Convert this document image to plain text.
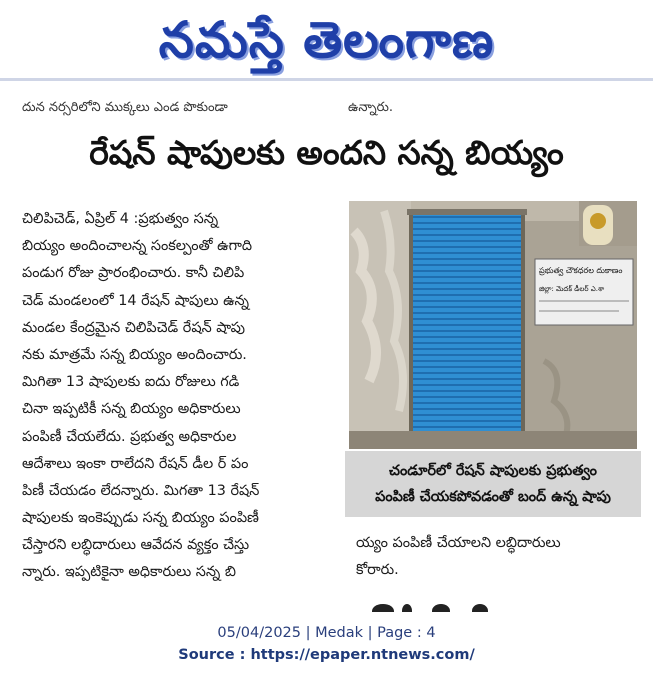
నమస్తే తెలంగాణ
దున నర్సరిలోని ముక్కలు ఎండ పొకుండా	ఉన్నారు.
రేషన్ షాపులకు అందని సన్న బియ్యం
చిలిపిచెడ్, ఏప్రిల్ 4 :ప్రభుత్వం సన్న
బియ్యం అందించాలన్న సంకల్పంతో ఉగాది
పండుగ రోజు ప్రారంభించారు. కానీ చిలిపి
చెడ్ మండలంలో 14 రేషన్ షాపులు ఉన్న
మండల కేంద్రమైన చిలిపిచెడ్ రేషన్ షాపు
నకు మాత్రమే సన్న బియ్యం అందించారు.
మిగితా 13 షాపులకు ఐదు రోజులు గడి
చినా ఇప్పటికీ సన్న బియ్యం అధికారులు
పంపిణీ చేయలేదు. ప్రభుత్వ అధికారుల
ఆదేశాలు ఇంకా రాలేదని రేషన్ డీల ర్ పం
పిణీ చేయడం లేదన్నారు. మిగతా 13 రేషన్
షాపులకు ఇంకెప్పుడు సన్న బియ్యం పంపిణీ
చేస్తారని లబ్ధిదారులు ఆవేదన వ్యక్తం చేస్తు
న్నారు. ఇప్పటికైనా అధికారులు సన్న బి
ప్రభుత్వ చౌకధరల దుకాణం
జిల్లా: మెదక్ డీలర్ ఎ.శా
చండూర్‌లో రేషన్ షాపులకు ప్రభుత్వం
పంపిణీ చేయకపోవడంతో బంద్ ఉన్న షాపు
య్యం పంపిణీ చేయాలని లబ్ధిదారులు
కోరారు.
05/04/2025 | Medak | Page : 4
Source : https://epaper.ntnews.com/
